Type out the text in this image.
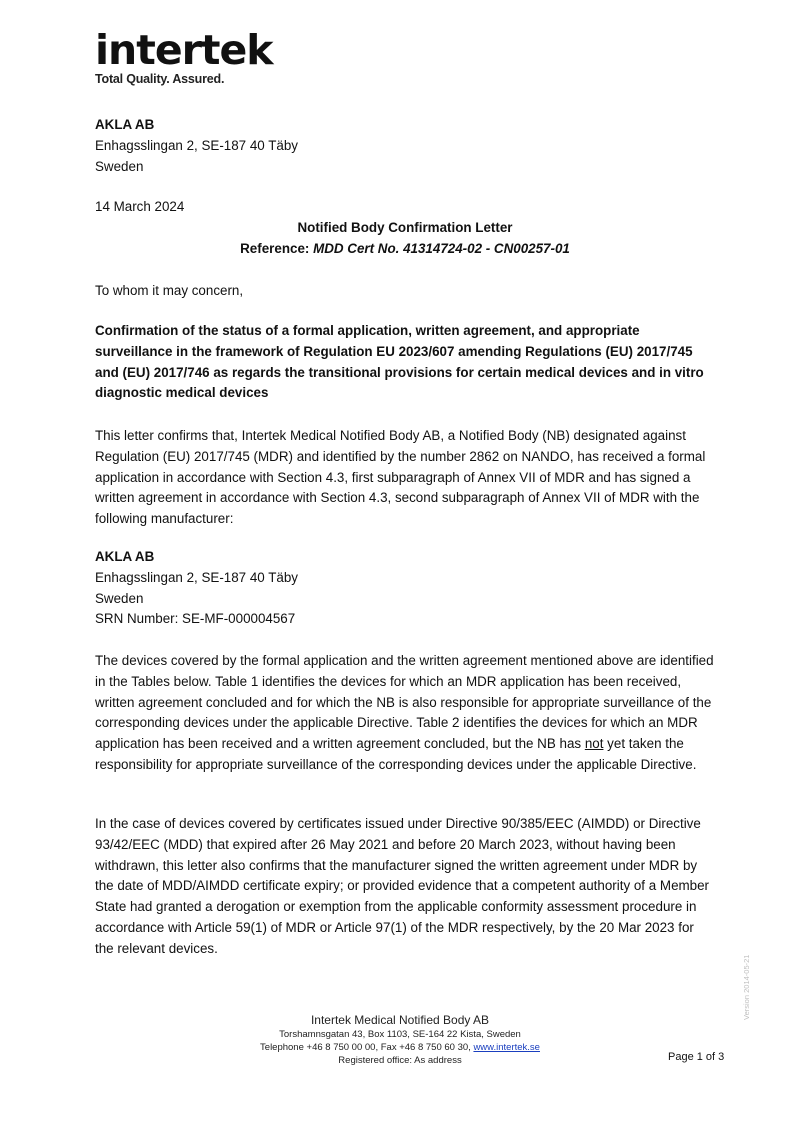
intertek
Total Quality. Assured.

AKLA AB

Enhagsslingan 2, SE-187 40 Täby

Sweden

14 March 2024
Notified Body Confirmation Letter
Reference: MDD Cert No. 41314724-02 - CN00257-01
To whom it may concern,
Confirmation of the status of a formal application, written agreement, and appropriate surveillance in the framework of Regulation EU 2023/607 amending Regulations (EU) 2017/745 and (EU) 2017/746 as regards the transitional provisions for certain medical devices and in vitro diagnostic medical devices
This letter confirms that, Intertek Medical Notified Body AB, a Notified Body (NB) designated against Regulation (EU) 2017/745 (MDR) and identified by the number 2862 on NANDO, has received a formal application in accordance with Section 4.3, first subparagraph of Annex VII of MDR and has signed a written agreement in accordance with Section 4.3, second subparagraph of Annex VII of MDR with the following manufacturer:

AKLA AB

Enhagsslingan 2, SE-187 40 Täby

Sweden

SRN Number: SE-MF-000004567

The devices covered by the formal application and the written agreement mentioned above are identified in the Tables below. Table 1 identifies the devices for which an MDR application has been received, written agreement concluded and for which the NB is also responsible for appropriate surveillance of the corresponding devices under the applicable Directive. Table 2 identifies the devices for which an MDR application has been received and a written agreement concluded, but the NB has not yet taken the responsibility for appropriate surveillance of the corresponding devices under the applicable Directive.
In the case of devices covered by certificates issued under Directive 90/385/EEC (AIMDD) or Directive 93/42/EEC (MDD) that expired after 26 May 2021 and before 20 March 2023, without having been withdrawn, this letter also confirms that the manufacturer signed the written agreement under MDR by the date of MDD/AIMDD certificate expiry; or provided evidence that a competent authority of a Member State had granted a derogation or exemption from the applicable conformity assessment procedure in accordance with Article 59(1) of MDR or Article 97(1) of the MDR respectively, by the 20 Mar 2023 for the relevant devices.
Intertek Medical Notified Body AB
Torshamnsgatan 43, Box 1103, SE-164 22 Kista, Sweden
Telephone +46 8 750 00 00, Fax +46 8 750 60 30, www.intertek.se
Registered office: As address	Page 1 of 3
Version 2014-05-21
